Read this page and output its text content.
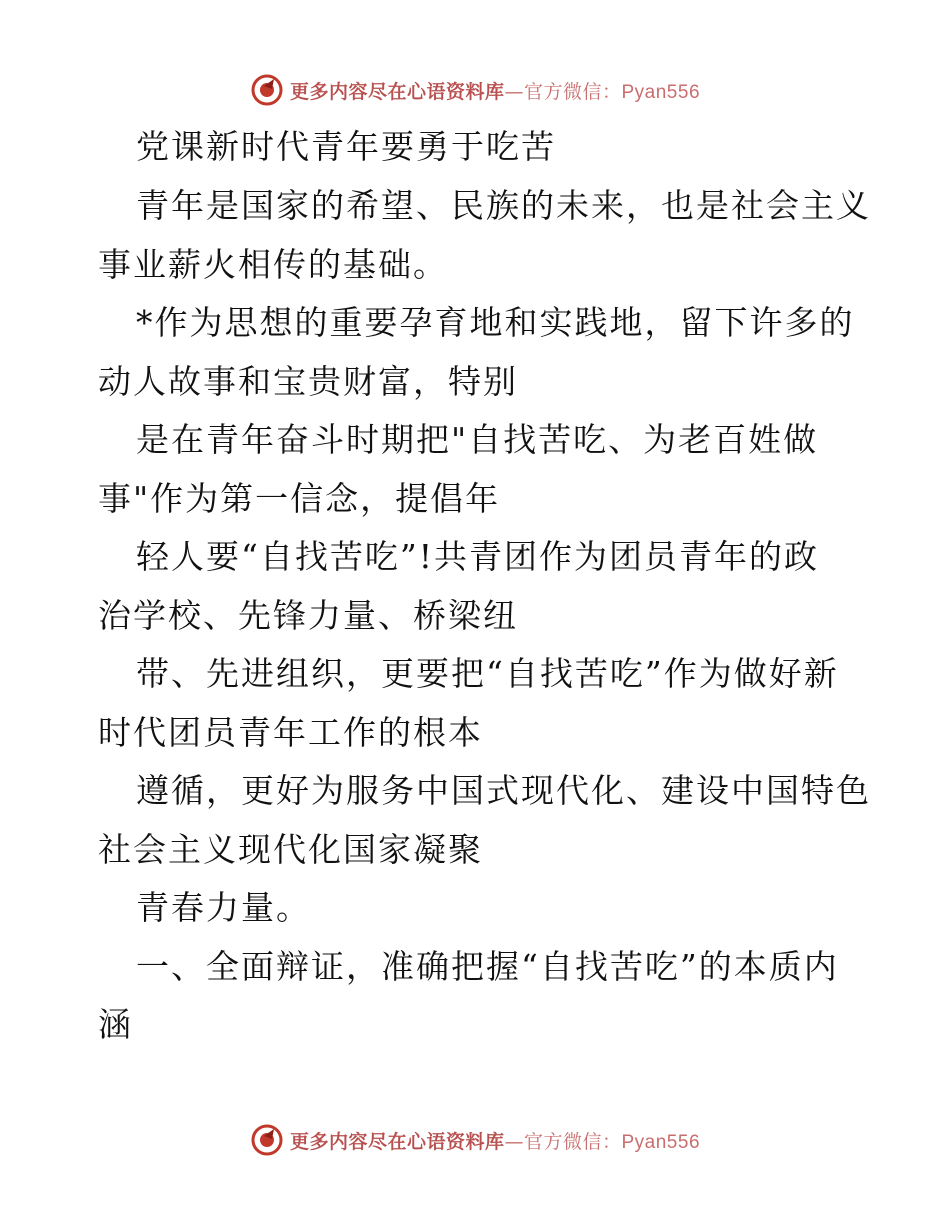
更多内容尽在心语资料库—官方微信：Pyan556
党课新时代青年要勇于吃苦
青年是国家的希望、民族的未来，也是社会主义
事业薪火相传的基础。
*作为思想的重要孕育地和实践地，留下许多的
动人故事和宝贵财富，特别
是在青年奋斗时期把"自找苦吃、为老百姓做
事"作为第一信念，提倡年
轻人要“自找苦吃”!共青团作为团员青年的政
治学校、先锋力量、桥梁纽
带、先进组织，更要把“自找苦吃”作为做好新
时代团员青年工作的根本
遵循，更好为服务中国式现代化、建设中国特色
社会主义现代化国家凝聚
青春力量。
一、全面辩证，准确把握“自找苦吃”的本质内
涵
更多内容尽在心语资料库—官方微信：Pyan556
